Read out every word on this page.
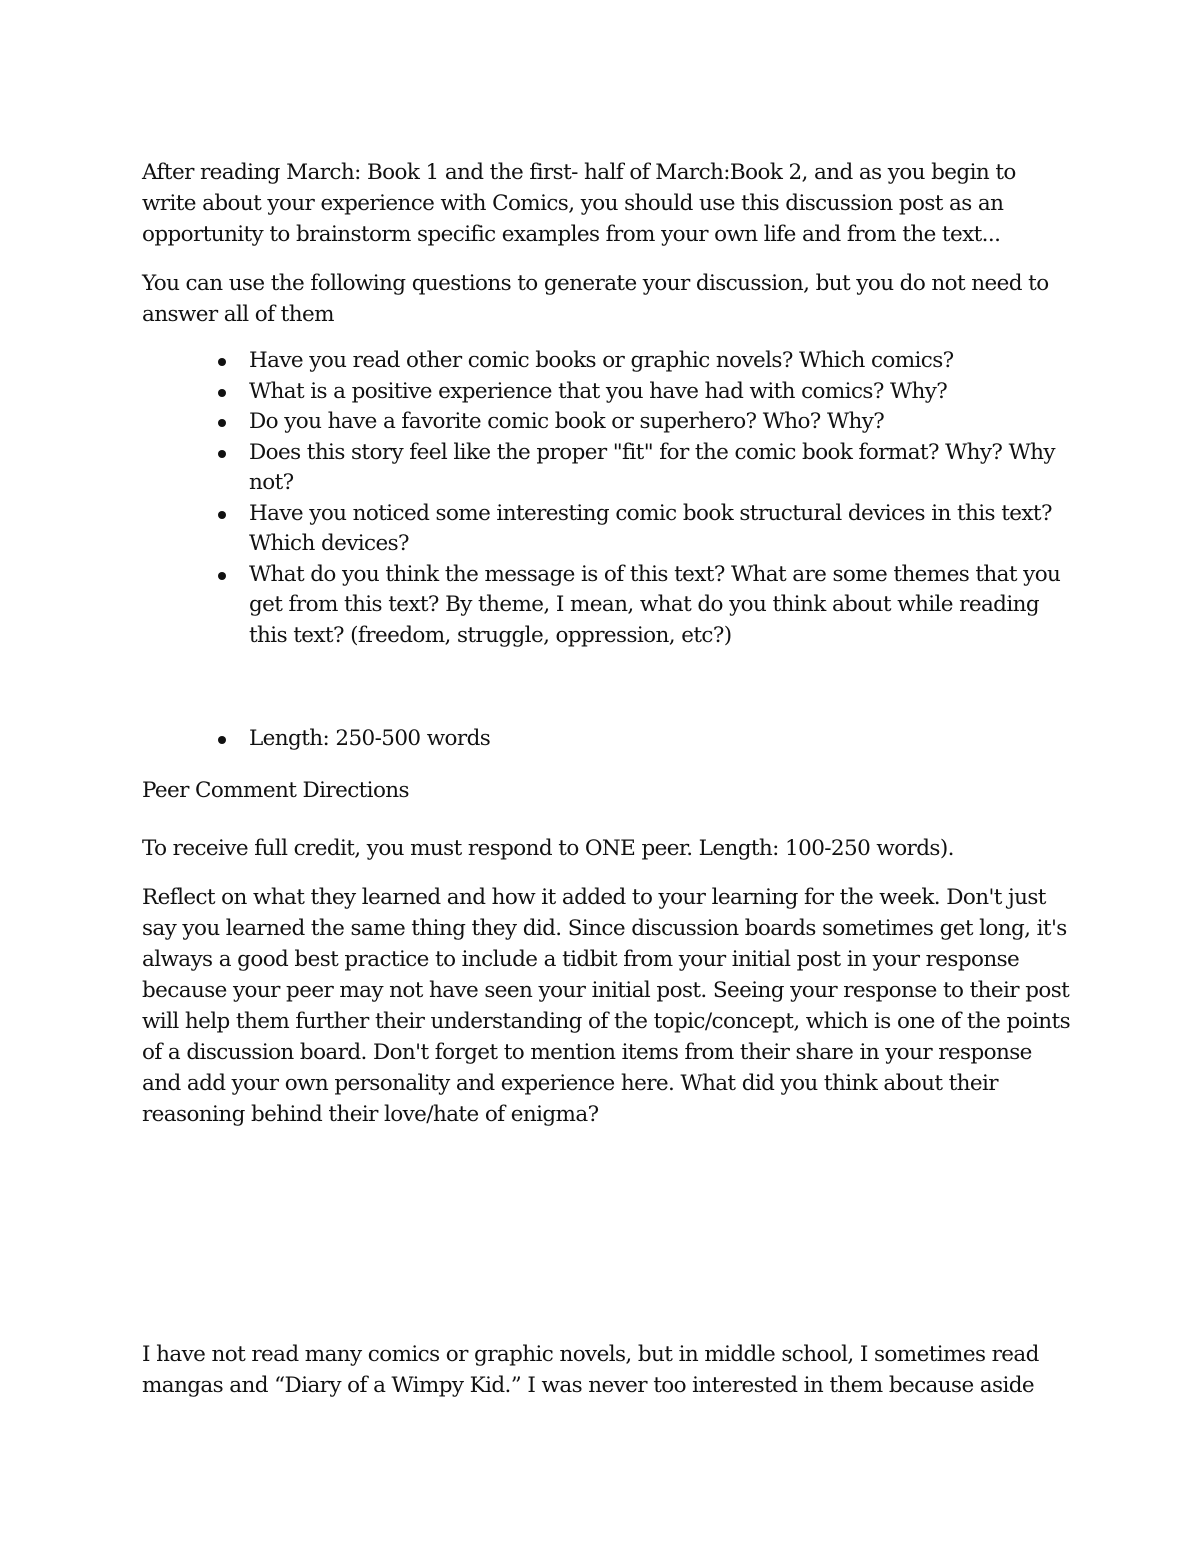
After reading March: Book 1 and the first- half of March:Book 2, and as you begin to write about your experience with Comics, you should use this discussion post as an opportunity to brainstorm specific examples from your own life and from the text...

You can use the following questions to generate your discussion, but you do not need to answer all of them

Have you read other comic books or graphic novels? Which comics?
What is a positive experience that you have had with comics? Why?
Do you have a favorite comic book or superhero? Who? Why?
Does this story feel like the proper "fit" for the comic book format? Why? Why not?
Have you noticed some interesting comic book structural devices in this text? Which devices?
What do you think the message is of this text? What are some themes that you get from this text? By theme, I mean, what do you think about while reading this text? (freedom, struggle, oppression, etc?)
Length: 250-500 words

Peer Comment Directions

To receive full credit, you must respond to ONE peer. Length: 100-250 words).

Reflect on what they learned and how it added to your learning for the week. Don't just say you learned the same thing they did. Since discussion boards sometimes get long, it's always a good best practice to include a tidbit from your initial post in your response because your peer may not have seen your initial post. Seeing your response to their post will help them further their understanding of the topic/concept, which is one of the points of a discussion board. Don't forget to mention items from their share in your response and add your own personality and experience here. What did you think about their reasoning behind their love/hate of enigma?

I have not read many comics or graphic novels, but in middle school, I sometimes read mangas and “Diary of a Wimpy Kid.” I was never too interested in them because aside
